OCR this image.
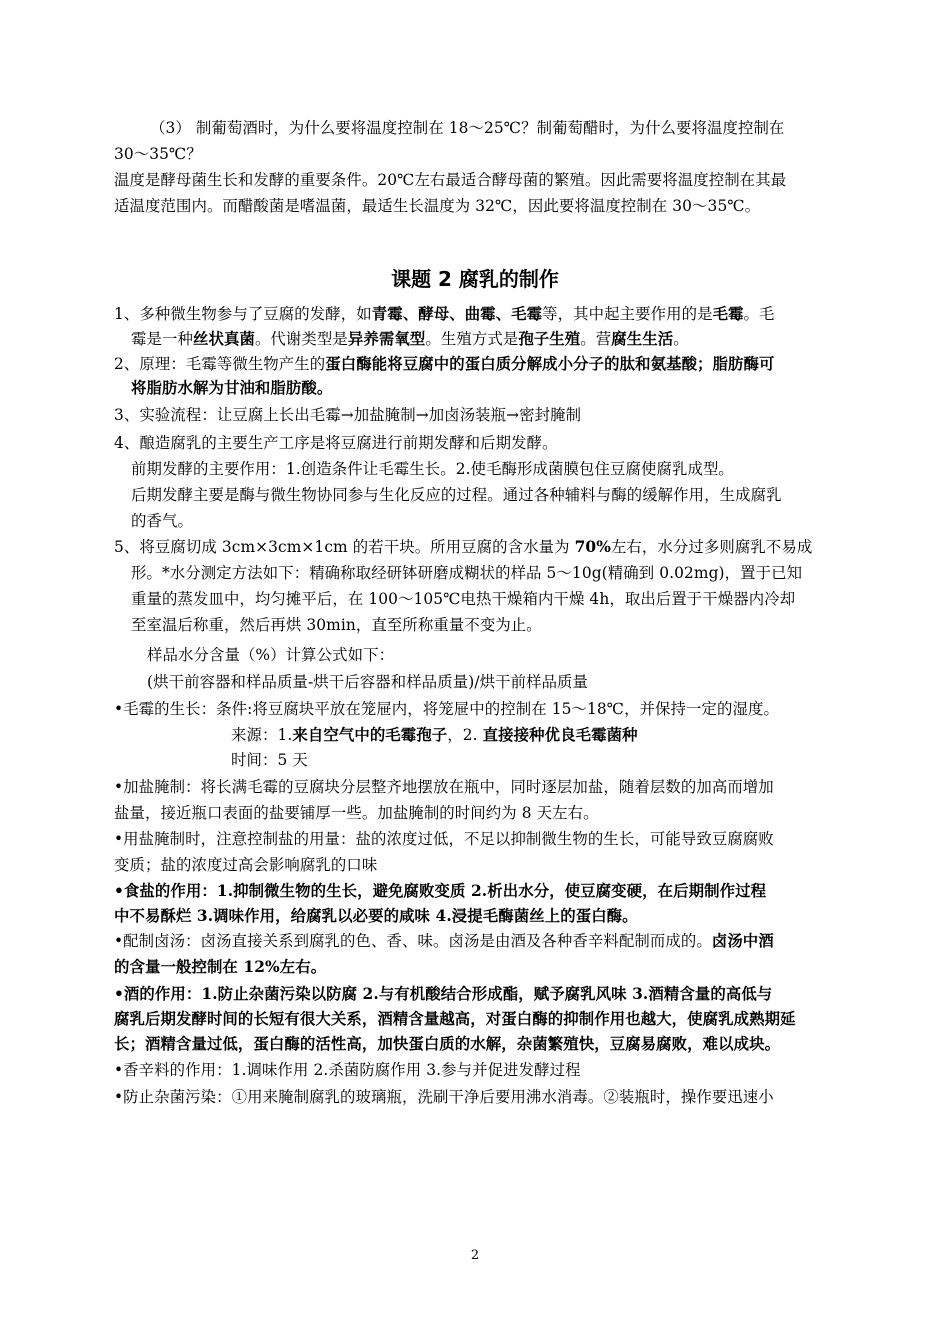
（3） 制葡萄酒时，为什么要将温度控制在 18～25℃？制葡萄醋时，为什么要将温度控制在
30～35℃？
温度是酵母菌生长和发酵的重要条件。20℃左右最适合酵母菌的繁殖。因此需要将温度控制在其最
适温度范围内。而醋酸菌是嗜温菌，最适生长温度为 32℃，因此要将温度控制在 30～35℃。
课题 2 腐乳的制作
1、多种微生物参与了豆腐的发酵，如青霉、酵母、曲霉、毛霉等，其中起主要作用的是毛霉。毛
霉是一种丝状真菌。代谢类型是异养需氧型。生殖方式是孢子生殖。营腐生生活。
2、原理：毛霉等微生物产生的蛋白酶能将豆腐中的蛋白质分解成小分子的肽和氨基酸；脂肪酶可
将脂肪水解为甘油和脂肪酸。
3、实验流程：让豆腐上长出毛霉→加盐腌制→加卤汤装瓶→密封腌制
4、酿造腐乳的主要生产工序是将豆腐进行前期发酵和后期发酵。
前期发酵的主要作用：1.创造条件让毛霉生长。2.使毛酶形成菌膜包住豆腐使腐乳成型。
后期发酵主要是酶与微生物协同参与生化反应的过程。通过各种辅料与酶的缓解作用，生成腐乳
的香气。
5、将豆腐切成 3cm×3cm×1cm 的若干块。所用豆腐的含水量为 70%左右，水分过多则腐乳不易成
形。*水分测定方法如下：精确称取经研钵研磨成糊状的样品 5～10g(精确到 0.02mg)，置于已知
重量的蒸发皿中，均匀摊平后，在 100～105℃电热干燥箱内干燥 4h，取出后置于干燥器内冷却
至室温后称重，然后再烘 30min，直至所称重量不变为止。
样品水分含量（%）计算公式如下：
(烘干前容器和样品质量-烘干后容器和样品质量)/烘干前样品质量
•毛霉的生长：条件:将豆腐块平放在笼屉内，将笼屉中的控制在 15～18℃，并保持一定的湿度。
来源：1.来自空气中的毛霉孢子，2. 直接接种优良毛霉菌种
时间：5 天
•加盐腌制：将长满毛霉的豆腐块分层整齐地摆放在瓶中，同时逐层加盐，随着层数的加高而增加
盐量，接近瓶口表面的盐要铺厚一些。加盐腌制的时间约为 8 天左右。
•用盐腌制时，注意控制盐的用量：盐的浓度过低，不足以抑制微生物的生长，可能导致豆腐腐败
变质；盐的浓度过高会影响腐乳的口味
•食盐的作用：1.抑制微生物的生长，避免腐败变质 2.析出水分，使豆腐变硬，在后期制作过程
中不易酥烂 3.调味作用，给腐乳以必要的咸味 4.浸提毛酶菌丝上的蛋白酶。
•配制卤汤：卤汤直接关系到腐乳的色、香、味。卤汤是由酒及各种香辛料配制而成的。卤汤中酒
的含量一般控制在 12%左右。
•酒的作用：1.防止杂菌污染以防腐 2.与有机酸结合形成酯，赋予腐乳风味 3.酒精含量的高低与
腐乳后期发酵时间的长短有很大关系，酒精含量越高，对蛋白酶的抑制作用也越大，使腐乳成熟期延
长；酒精含量过低，蛋白酶的活性高，加快蛋白质的水解，杂菌繁殖快，豆腐易腐败，难以成块。
•香辛料的作用：1.调味作用 2.杀菌防腐作用 3.参与并促进发酵过程
•防止杂菌污染：①用来腌制腐乳的玻璃瓶，洗刷干净后要用沸水消毒。②装瓶时，操作要迅速小
2
